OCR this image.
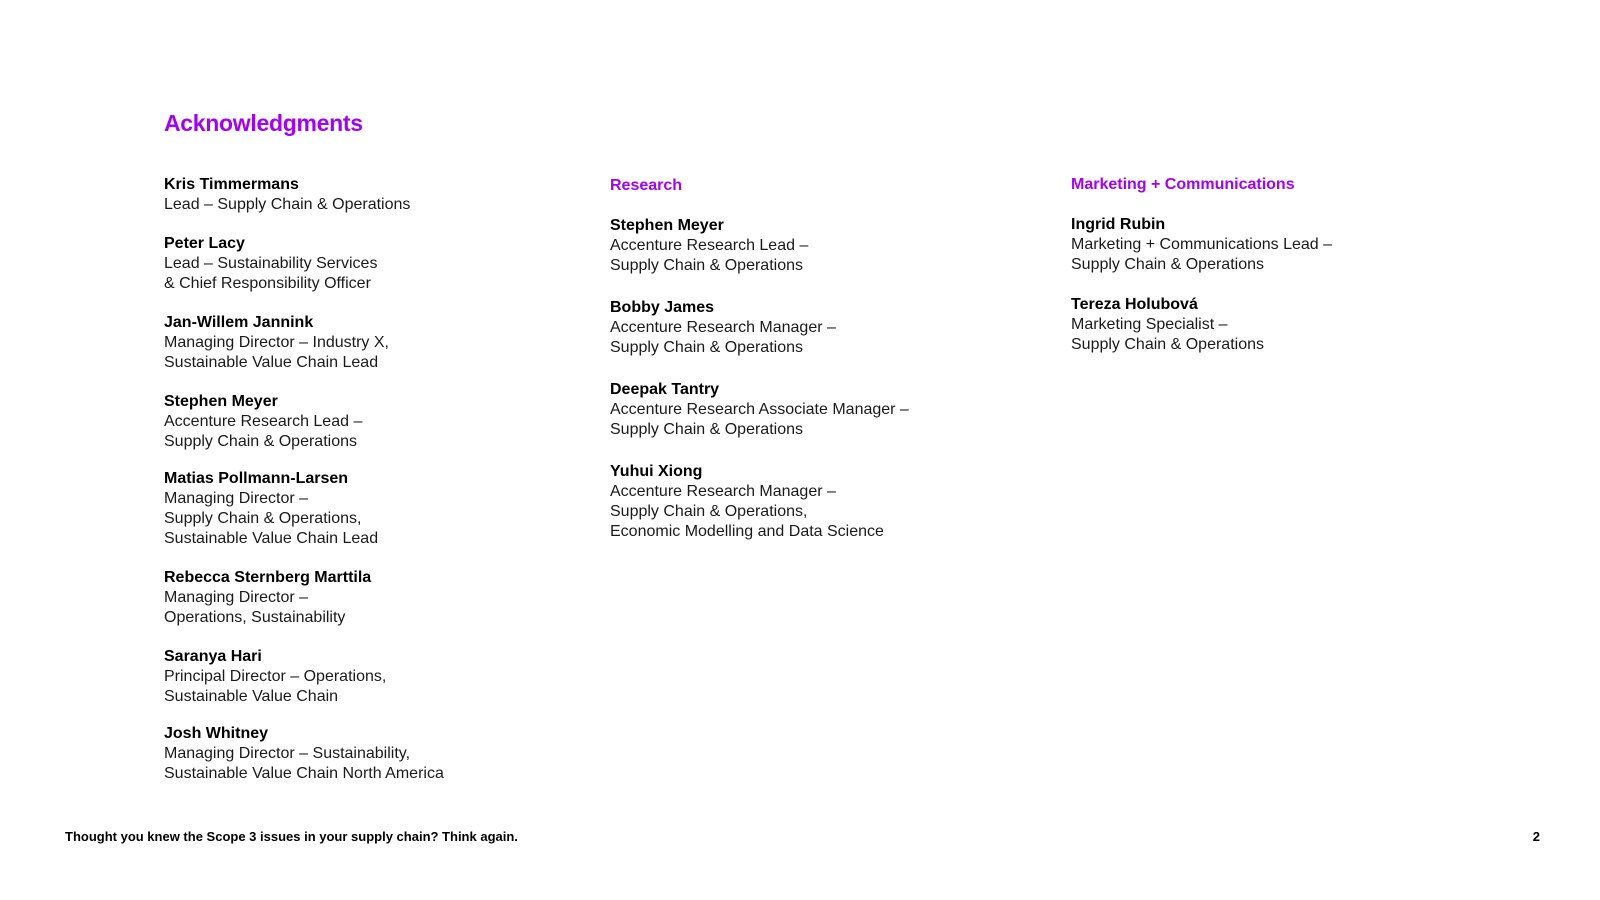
Acknowledgments
Kris Timmermans
Lead – Supply Chain & Operations
Peter Lacy
Lead – Sustainability Services
& Chief Responsibility Officer
Jan-Willem Jannink
Managing Director – Industry X,
Sustainable Value Chain Lead
Stephen Meyer
Accenture Research Lead –
Supply Chain & Operations
Matias Pollmann-Larsen
Managing Director –
Supply Chain & Operations,
Sustainable Value Chain Lead
Rebecca Sternberg Marttila
Managing Director –
Operations, Sustainability
Saranya Hari
Principal Director – Operations,
Sustainable Value Chain
Josh Whitney
Managing Director – Sustainability,
Sustainable Value Chain North America
Research
Stephen Meyer
Accenture Research Lead –
Supply Chain & Operations
Bobby James
Accenture Research Manager –
Supply Chain & Operations
Deepak Tantry
Accenture Research Associate Manager –
Supply Chain & Operations
Yuhui Xiong
Accenture Research Manager –
Supply Chain & Operations,
Economic Modelling and Data Science
Marketing + Communications
Ingrid Rubin
Marketing + Communications Lead –
Supply Chain & Operations
Tereza Holubová
Marketing Specialist –
Supply Chain & Operations
Thought you knew the Scope 3 issues in your supply chain? Think again.	2
